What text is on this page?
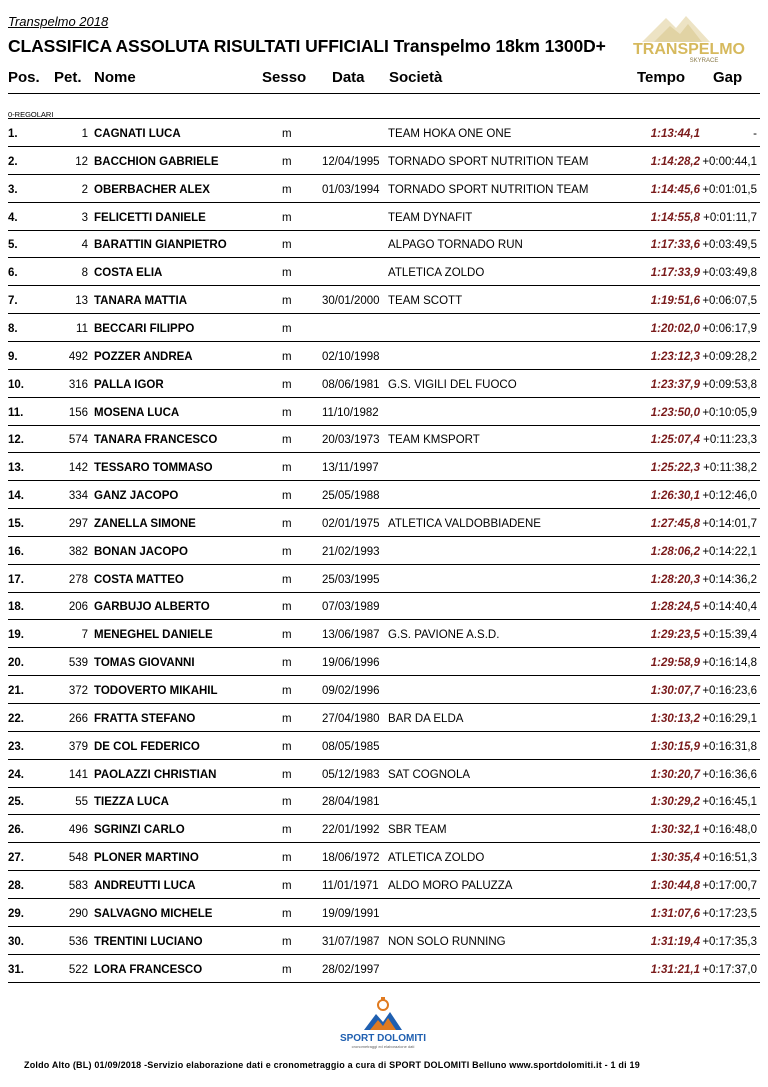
Transpelmo 2018
CLASSIFICA ASSOLUTA RISULTATI UFFICIALI Transpelmo 18km 1300D+ TRANSPELMO
SKYRACE
Pos. Pet. Nome	Sesso Data Società	Tempo Gap
0-REGOLARI
1.	1 CAGNATI LUCA	m	TEAM HOKA ONE ONE	1:13:44,1	-
2.	12 BACCHION GABRIELE	m	12/04/1995 TORNADO SPORT NUTRITION TEAM	1:14:28,2 +0:00:44,1
3.	2 OBERBACHER ALEX	m	01/03/1994 TORNADO SPORT NUTRITION TEAM	1:14:45,6 +0:01:01,5
4.	3 FELICETTI DANIELE	m	TEAM DYNAFIT	1:14:55,8 +0:01:11,7
5.	4 BARATTIN GIANPIETRO	m	ALPAGO TORNADO RUN	1:17:33,6 +0:03:49,5
6.	8 COSTA ELIA	m	ATLETICA ZOLDO	1:17:33,9 +0:03:49,8
7.	13 TANARA MATTIA	m	30/01/2000 TEAM SCOTT	1:19:51,6 +0:06:07,5
8.	11 BECCARI FILIPPO	m	1:20:02,0 +0:06:17,9
9.	492 POZZER ANDREA	m	02/10/1998	1:23:12,3 +0:09:28,2
10.	316 PALLA IGOR	m	08/06/1981 G.S. VIGILI DEL FUOCO	1:23:37,9 +0:09:53,8
11.	156 MOSENA LUCA	m	11/10/1982	1:23:50,0 +0:10:05,9
12.	574 TANARA FRANCESCO	m	20/03/1973 TEAM KMSPORT	1:25:07,4 +0:11:23,3
13.	142 TESSARO TOMMASO	m	13/11/1997	1:25:22,3 +0:11:38,2
14.	334 GANZ JACOPO	m	25/05/1988	1:26:30,1 +0:12:46,0
15.	297 ZANELLA SIMONE	m	02/01/1975 ATLETICA VALDOBBIADENE	1:27:45,8 +0:14:01,7
16.	382 BONAN JACOPO	m	21/02/1993	1:28:06,2 +0:14:22,1
17.	278 COSTA MATTEO	m	25/03/1995	1:28:20,3 +0:14:36,2
18.	206 GARBUJO ALBERTO	m	07/03/1989	1:28:24,5 +0:14:40,4
19.	7 MENEGHEL DANIELE	m	13/06/1987 G.S. PAVIONE A.S.D.	1:29:23,5 +0:15:39,4
20.	539 TOMAS GIOVANNI	m	19/06/1996	1:29:58,9 +0:16:14,8
21.	372 TODOVERTO MIKAHIL	m	09/02/1996	1:30:07,7 +0:16:23,6
22.	266 FRATTA STEFANO	m	27/04/1980 BAR DA ELDA	1:30:13,2 +0:16:29,1
23.	379 DE COL FEDERICO	m	08/05/1985	1:30:15,9 +0:16:31,8
24.	141 PAOLAZZI CHRISTIAN	m	05/12/1983 SAT COGNOLA	1:30:20,7 +0:16:36,6
25.	55 TIEZZA LUCA	m	28/04/1981	1:30:29,2 +0:16:45,1
26.	496 SGRINZI CARLO	m	22/01/1992 SBR TEAM	1:30:32,1 +0:16:48,0
27.	548 PLONER MARTINO	m	18/06/1972 ATLETICA ZOLDO	1:30:35,4 +0:16:51,3
28.	583 ANDREUTTI LUCA	m	11/01/1971 ALDO MORO PALUZZA	1:30:44,8 +0:17:00,7
29.	290 SALVAGNO MICHELE	m	19/09/1991	1:31:07,6 +0:17:23,5
30.	536 TRENTINI LUCIANO	m	31/07/1987 NON SOLO RUNNING	1:31:19,4 +0:17:35,3
31.	522 LORA FRANCESCO	m	28/02/1997	1:31:21,1 +0:17:37,0
SPORT DOLOMITI
cronometraggi ed elaborazione dati
Zoldo Alto (BL) 01/09/2018 -Servizio elaborazione dati e cronometraggio a cura di SPORT DOLOMITI Belluno www.sportdolomiti.it - 1 di 19
